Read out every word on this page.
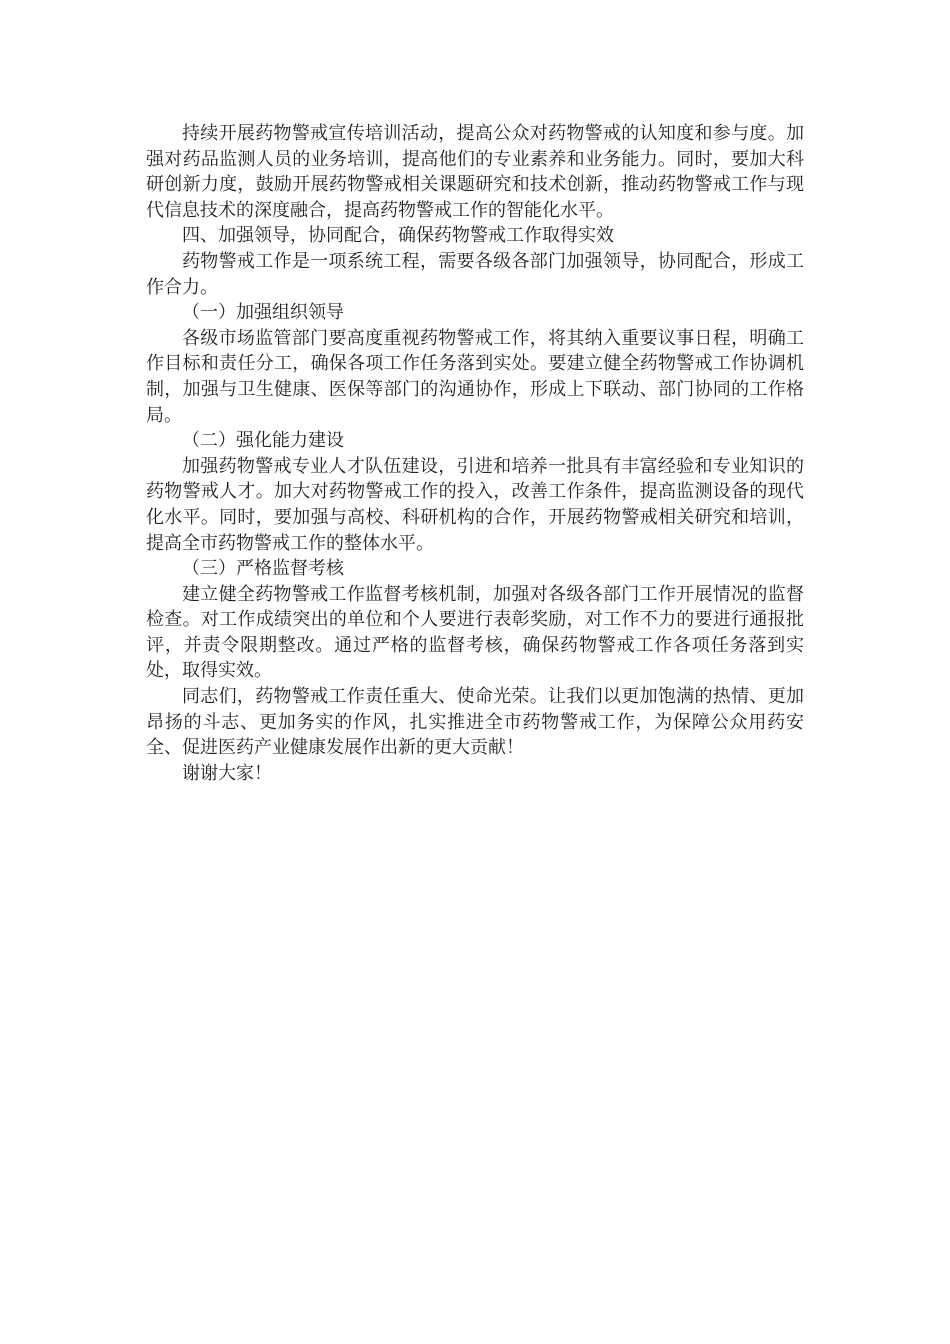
持续开展药物警戒宣传培训活动，提高公众对药物警戒的认知度和参与度。加强对药品监测人员的业务培训，提高他们的专业素养和业务能力。同时，要加大科研创新力度，鼓励开展药物警戒相关课题研究和技术创新，推动药物警戒工作与现代信息技术的深度融合，提高药物警戒工作的智能化水平。

四、加强领导，协同配合，确保药物警戒工作取得实效

药物警戒工作是一项系统工程，需要各级各部门加强领导，协同配合，形成工作合力。

（一）加强组织领导

各级市场监管部门要高度重视药物警戒工作，将其纳入重要议事日程，明确工作目标和责任分工，确保各项工作任务落到实处。要建立健全药物警戒工作协调机制，加强与卫生健康、医保等部门的沟通协作，形成上下联动、部门协同的工作格局。

（二）强化能力建设

加强药物警戒专业人才队伍建设，引进和培养一批具有丰富经验和专业知识的药物警戒人才。加大对药物警戒工作的投入，改善工作条件，提高监测设备的现代化水平。同时，要加强与高校、科研机构的合作，开展药物警戒相关研究和培训，提高全市药物警戒工作的整体水平。

（三）严格监督考核

建立健全药物警戒工作监督考核机制，加强对各级各部门工作开展情况的监督检查。对工作成绩突出的单位和个人要进行表彰奖励，对工作不力的要进行通报批评，并责令限期整改。通过严格的监督考核，确保药物警戒工作各项任务落到实处，取得实效。

同志们，药物警戒工作责任重大、使命光荣。让我们以更加饱满的热情、更加昂扬的斗志、更加务实的作风，扎实推进全市药物警戒工作，为保障公众用药安全、促进医药产业健康发展作出新的更大贡献！

谢谢大家！
